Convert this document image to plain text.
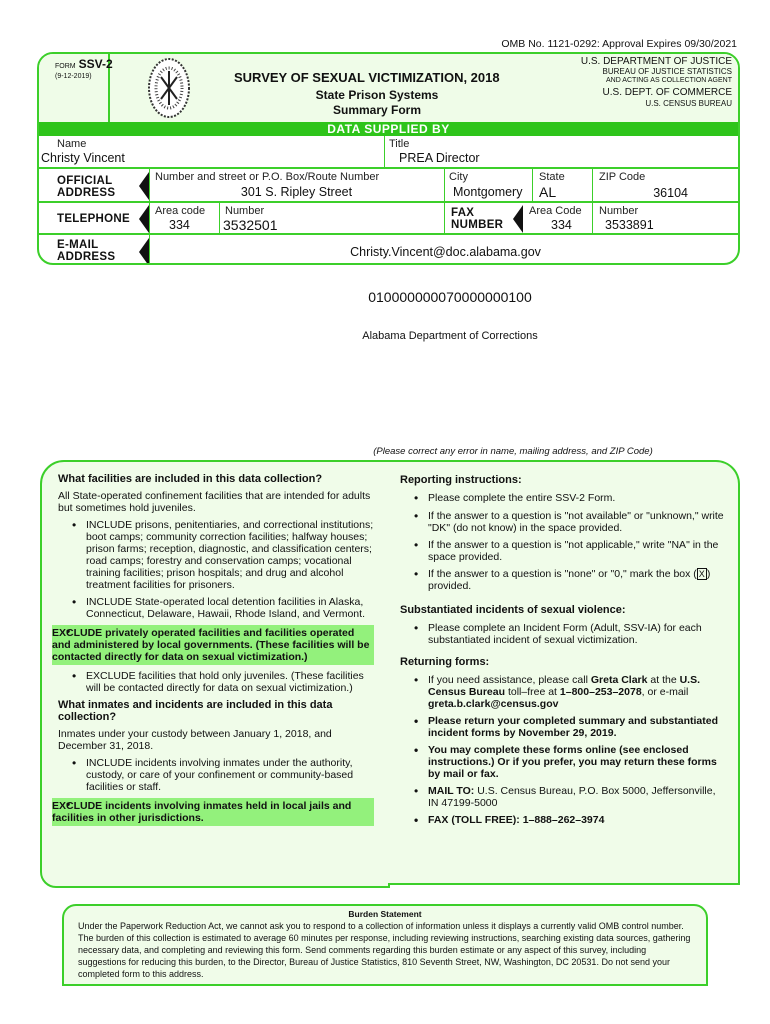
OMB No. 1121-0292: Approval Expires 09/30/2021
FORM SSV-2
(9-12-2019)	SURVEY OF SEXUAL VICTIMIZATION, 2018
State Prison Systems
Summary Form
U.S. DEPARTMENT OF JUSTICE
BUREAU OF JUSTICE STATISTICS
AND ACTING AS COLLECTION AGENT
U.S. DEPT. OF COMMERCE
U.S. CENSUS BUREAU
DATA SUPPLIED BY
Name
Christy Vincent
Title
PREA Director
OFFICIAL
ADDRESS
Number and street or P.O. Box/Route Number
301 S. Ripley Street
City
Montgomery
State
AL
ZIP Code
36104
TELEPHONE
Area code
334
Number
3532501
FAX
NUMBER
Area Code
334
Number
3533891
E-MAIL
ADDRESS	Christy.Vincent@doc.alabama.gov
010000000070000000100
Alabama Department of Corrections
(Please correct any error in name, mailing address, and ZIP Code)
What facilities are included in this data collection?
All State-operated confinement facilities that are intended for adults but sometimes hold juveniles.
• INCLUDE prisons, penitentiaries, and correctional institutions; boot camps; community correction facilities; halfway houses; prison farms; reception, diagnostic, and classification centers; road camps; forestry and conservation camps; vocational training facilities; prison hospitals; and drug and alcohol treatment facilities for prisoners.
• INCLUDE State-operated local detention facilities in Alaska, Connecticut, Delaware, Hawaii, Rhode Island, and Vermont.
• EXCLUDE privately operated facilities and facilities operated and administered by local governments. (These facilities will be contacted directly for data on sexual victimization.)
• EXCLUDE facilities that hold only juveniles. (These facilities will be contacted directly for data on sexual victimization.)
What inmates and incidents are included in this data collection?
Inmates under your custody between January 1, 2018, and December 31, 2018.
• INCLUDE incidents involving inmates under the authority, custody, or care of your confinement or community-based facilities or staff.
• EXCLUDE incidents involving inmates held in local jails and facilities in other jurisdictions.
Reporting instructions:
• Please complete the entire SSV-2 Form.
• If the answer to a question is "not available" or "unknown," write "DK" (do not know) in the space provided.
• If the answer to a question is "not applicable," write "NA" in the space provided.
• If the answer to a question is "none" or "0," mark the box ( X ) provided.
Substantiated incidents of sexual violence:
• Please complete an Incident Form (Adult, SSV-IA) for each substantiated incident of sexual victimization.
Returning forms:
• If you need assistance, please call Greta Clark at the U.S. Census Bureau toll–free at 1–800–253–2078, or e-mail greta.b.clark@census.gov
• Please return your completed summary and substantiated incident forms by November 29, 2019.
• You may complete these forms online (see enclosed instructions.) Or if you prefer, you may return these forms by mail or fax.
• MAIL TO: U.S. Census Bureau, P.O. Box 5000, Jeffersonville, IN 47199-5000
• FAX (TOLL FREE): 1–888–262–3974
Burden Statement
Under the Paperwork Reduction Act, we cannot ask you to respond to a collection of information unless it displays a currently valid OMB control number. The burden of this collection is estimated to average 60 minutes per response, including reviewing instructions, searching existing data sources, gathering necessary data, and completing and reviewing this form. Send comments regarding this burden estimate or any aspect of this survey, including suggestions for reducing this burden, to the Director, Bureau of Justice Statistics, 810 Seventh Street, NW, Washington, DC 20531. Do not send your completed form to this address.
